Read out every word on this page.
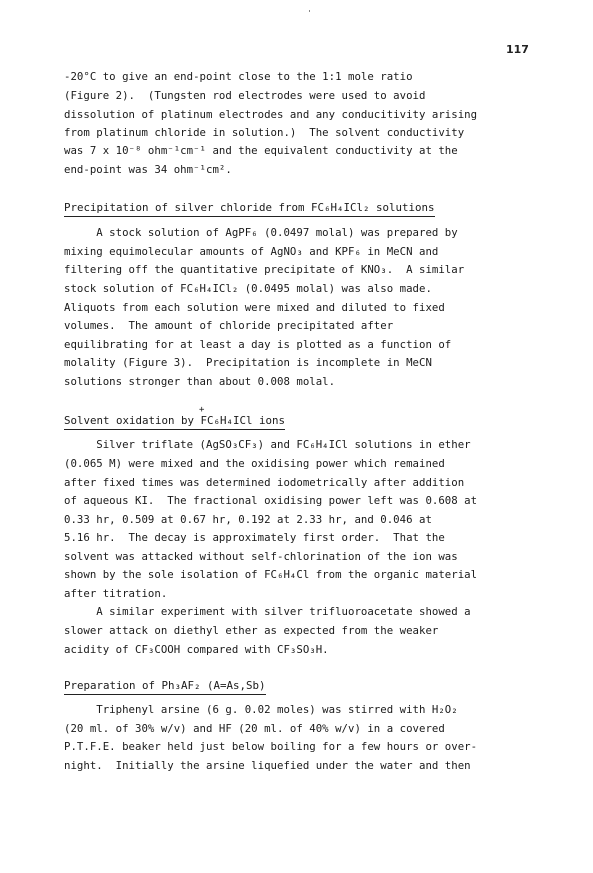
117
-20°C to give an end-point close to the 1:1 mole ratio
(Figure 2).  (Tungsten rod electrodes were used to avoid
dissolution of platinum electrodes and any conducitivity arising
from platinum chloride in solution.)  The solvent conductivity
was 7 x 10⁻⁸ ohm⁻¹cm⁻¹ and the equivalent conductivity at the
end-point was 34 ohm⁻¹cm².
Precipitation of silver chloride from FC₆H₄ICl₂ solutions
A stock solution of AgPF₆ (0.0497 molal) was prepared by
mixing equimolecular amounts of AgNO₃ and KPF₆ in MeCN and
filtering off the quantitative precipitate of KNO₃.  A similar
stock solution of FC₆H₄ICl₂ (0.0495 molal) was also made.
Aliquots from each solution were mixed and diluted to fixed
volumes.  The amount of chloride precipitated after
equilibrating for at least a day is plotted as a function of
molality (Figure 3).  Precipitation is incomplete in MeCN
solutions stronger than about 0.008 molal.
+
Solvent oxidation by FC₆H₄ICl ions
Silver triflate (AgSO₃CF₃) and FC₆H₄ICl solutions in ether
(0.065 M) were mixed and the oxidising power which remained
after fixed times was determined iodometrically after addition
of aqueous KI.  The fractional oxidising power left was 0.608 at
0.33 hr, 0.509 at 0.67 hr, 0.192 at 2.33 hr, and 0.046 at
5.16 hr.  The decay is approximately first order.  That the
solvent was attacked without self-chlorination of the ion was
shown by the sole isolation of FC₆H₄Cl from the organic material
after titration.
A similar experiment with silver trifluoroacetate showed a
slower attack on diethyl ether as expected from the weaker
acidity of CF₃COOH compared with CF₃SO₃H.
Preparation of Ph₃AF₂ (A=As,Sb)
Triphenyl arsine (6 g. 0.02 moles) was stirred with H₂O₂
(20 ml. of 30% w/v) and HF (20 ml. of 40% w/v) in a covered
P.T.F.E. beaker held just below boiling for a few hours or over-
night.  Initially the arsine liquefied under the water and then
